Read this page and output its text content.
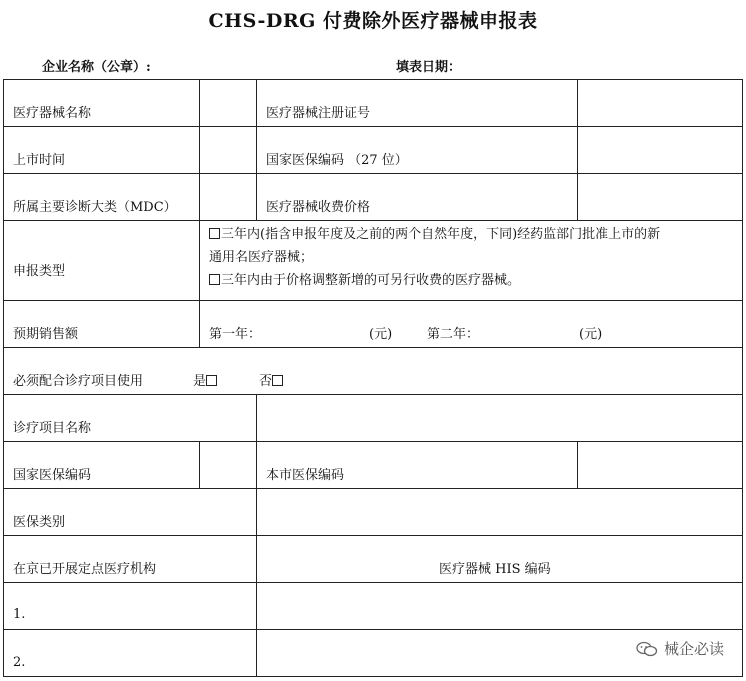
CHS-DRG 付费除外医疗器械申报表
企业名称（公章）:	填表日期：
医疗器械名称	医疗器械注册证号
上市时间	国家医保编码 （27 位）
所属主要诊断大类（MDC）	医疗器械收费价格
申报类型
三年内(指含申报年度及之前的两个自然年度，下同)经药监部门批准上市的新
通用名医疗器械；
三年内由于价格调整新增的可另行收费的医疗器械。
预期销售额	第一年：	(元)	第二年：	(元)
必须配合诊疗项目使用	是	否
诊疗项目名称
国家医保编码	本市医保编码
医保类别
在京已开展定点医疗机构	医疗器械 HIS 编码
1.
2.
械企必读
